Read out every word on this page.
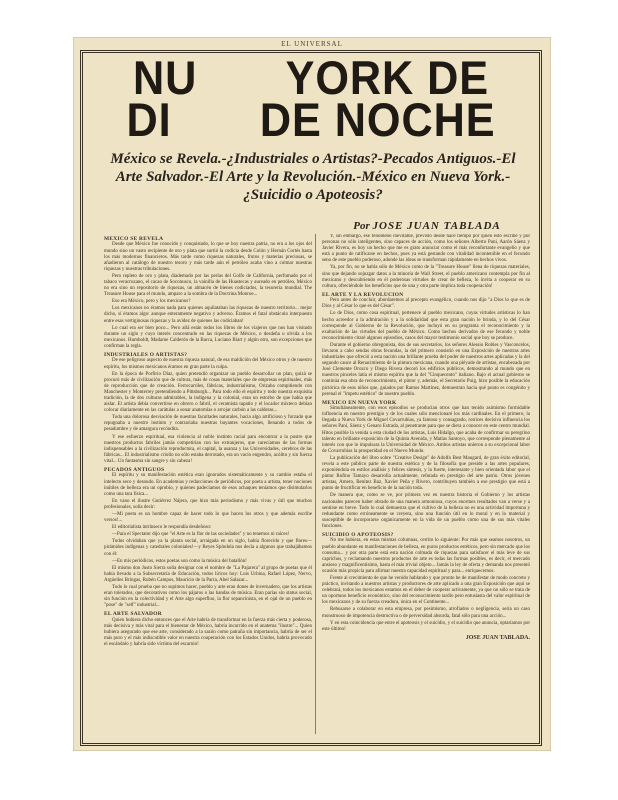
EL UNIVERSAL
NU YORK DE
DI DE NOCHE
México se Revela.-¿Industriales o Artistas?-Pecados Antiguos.-El Arte Salvador.-El Arte y la Revolución.-México en Nueva York.-¿Suicidio o Apoteosis?
Por JOSE JUAN TABLADA
MEXICO SE REVELA

Desde que México fue conocido y conquistado, lo que se hoy nuestra patria, no era a los ojos del mundo sino un vasto recipiente de oro y plata que surtió la codicia desde Colón y Hernán Cortés hasta los más modernos financieros. Más tarde como riquezas naturales, frutos y materias preciosas, se añadieron al catálogo de nuestro tesoro y más tarde aún el petróleo acaba vino a colmar nuestras riquezas y nuestras tribulaciones.

Pero repleto de oro y plata, diademado por las perlas del Golfo de California, perfumado por el tabaco veracruzano, el cacao de Soconusco, la vainilla de las Huastecas y aureado en petróleo, México no era sino un repositorio de riquezas, un almacén de bienes codiciados, la tesorería mundial. The Treasure House para el mundo, amparo a la sombra de la Doctrina Monroe...

Eso era México, pero y los mexicanos?

Los mexicanos no éramos nada para quienes aquilataban las riquezas de nuestro territorio... mejor dicho, sí éramos algo: aunque enteramente negativo y adverso. Éramos el fatal obstáculo interpuesto entre esas vertiginosas riquezas y la avidez de quienes las codiciaban!

Lo cual era ser bien poco... Pero allá están todos los libros de los viajeros que nos han visitado durante un siglo y cuyo interés concentrado en las riquezas de México, o desdeña u olvida a los mexicanos. Humboldt, Madame Calderón de la Barca, Luciano Biart y algún otro, son excepciones que confirman la regla.

INDUSTRIALES O ARTISTAS?

De ese peligroso aspecto de nuestra riqueza natural, de esa maldición del México otros y de nuestro espíritu, los mismos mexicanos éramos en gran parte la culpa.

En la época de Porfirio Díaz, quien pretendió organizar un pueblo desarrollar un plan, quizá se procuró más de civilización que de cultura, más de cosas materiales que de empresas espirituales, más de reproducción que de creación. Ferrocarriles, fábricas, industrialismo, Orizaba compitiendo con Manchester y Monterrey pretendiendo a Pittsburgh... Para todo ello el espíritu y todo nuestra exquisita tradición, la de dos culturas admirables, la indígena y la colonial, eran un estorbo de que había que aislar. El artista debía convertirse en obrero o fabril, el ceramista tapatío y el locador mixteco debían colocar diariamente en las carátulas a sonar anatomías o arrojar carbón a las calderas...

Toda una dolorosa desviación de nuestras facultades naturales, hacia algo artificioso y forzado que repugnaba a nuestro instinto y contrariaba nuestras bayantes vocaciones, llenando a todos de pesadumbre y de amargura recóndita.

Y ese esfuerzo espiritual, esa violencia al noble instinto racial para encontrar a la postre que nuestros productos fabriles jamás competirían con los extranjeros, que carecíamos de las formas indispensables a la civilización reproductora, el capital, la usanza y las Universidades, cerebros de las fábricas... El industrialismo criollo no sólo estaba derrotado, era un vacío engendro, acólito y sin fuerza vital... Un fantasma sin sangre y sin cabeza!

PECADOS ANTIGUOS

El espíritu y su manifestación estética eran ignorados sistemáticamente y su cambio estaba el intelecto seco y desnudo. En academias y redacciones de periódicos, por poeta a artista, tener nociones inútiles de belleza era un oprobio, y quienes padecíamos de esos achaques teníamos que disimularlos como una tara física...

En vano el ilustre Gutiérrez Nájera, que hizo más periodismo y más vivas y útil que muchos profesionales, solía decir:

—Mi poeta es un hombre capaz de hacer todo lo que hacen los otros y que además escribe versos!...

El editorialista intrínseco le respondía desdeñoso:

—Para el Spectator dijo que "el Arte es la flor de las sociedades" y no tenemos ni raíces!

Todos olvidaban que ya la planta social, arraigada en un siglo, había florecido y que flores—pirámides indígenas y catedrales coloniales!—y Reyes Spíndola nos decía a algunos que trabajábamos con él:

—En mis periódicos, estos poetas son como la música del batallón!

El mismo don Justo Sierra solía designar con el nombre de "La Pajarera" al grupo de poetas que él había llevado a la Subsecretaría de Educación, todos líricos hoy: Luis Urbina, Rafael López, Nervo, Argüelles Bringas, Rubén Campos, Mauricio de la Parra, Abel Salazar...

Todo lo cual prueba que no supimos hacer, pueblo y arte eran dones de invernadero, que los artistas eran tolerados, que decorativos como los pájaros o las bandas de música. Eran parias sin status social, sin función en la colectividad y el Arte algo superfluo, la flor sepancinista, en el ojal de un pueblo en "pose" de "self" industrial...

EL ARTE SALVADOR

Quien hubiera dicho entonces que el Arte habría de transformar en la fuerza más cierta y poderosa, más decisiva y más vital para el bienestar de México, habría incurrido en el anatema "ilustre"... Quien hubiera asegurado que ese arte, considerado a la sazón como patraña sin importancia, habría de ser el más puro y el más indiscutible valor en nuestra cooperación con los Estados Unidos, habría provocado el escándalo y habría sido víctima del escarnio!

Y, sin embargo, ese fenómeno inevitable, previsto desde hace tiempo por quien esto escribe y por personas no sólo inteligentes, sino capaces de acción, como los señores Alberto Pani, Aarón Sáenz y Javier Rivera, es hoy un hecho que me es grato anunciar como el más reconfortante evangelio y que está a punto de ratificarse en hechos, pues ya está gestando con vitalidad incontenible en el fecundo seno de este pueblo poderoso, adonde las ideas se transforman rápidamente en hechos vivos.

Ya, por fin, no se habla sólo de México como de la "Treasure House" llena de riquezas materiales, sino que dejando sojuzgar datos a la minoría de Wall Street, el pueblo americano contempla por fin al mexicano y descubriendo en él poderosas virtudes de crear de belleza, lo invita a cooperar en su cultura, ofreciéndole los beneficios que de una y otra parte implica toda cooperación!

EL ARTE Y LA REVOLUCION

Pero antes de concluir, abordaremos al precepto evangélico, cuando nos dijo "a Dios lo que es de Dios y al César lo que es del César".

Lo de Dios, como cosa espiritual, pertenece al pueblo mexicano, cuyas virtudes artísticas lo han hecho acreedor a la admiración y a la solidaridad que esta gran nación le brinda, y lo del César corresponde al Gobierno de la Revolución, que incluyó en su programa el reconocimiento y la exaltación de las virtudes del pueblo de México. Como hechos derivados de ese fecundo y noble reconocimiento citaré algunos episodios, casos del mayor testimonio social que hoy se produce.

Durante el gobierno obregonista, dos de sus secretarios, los señores Alessio Robles y Vasconcelos, llevaron a cabo sendas obras fecundas, la del primero consistió en una Exposición de nuestras artes industriales que ofreció a esta nación una brillante prueba del poder de nuestros artes aplicadas y la del segundo cauce al Renacimiento de la pintura mexicana, cuando una pléyade de artistas, encabezada por José Clemente Orozco y Diego Rivera decoró los edificios públicos, demostrando al mundo que en nuestros pinceles latía el mismo espíritu que la del "Cinquecento" italiano. Bajo el actual gobierno se continúa esa obra de reconocimiento, el pintor y, además, el Secretario Puig, hizo posible la educación pictórica de esos niños que, guiados por Ramos Martínez, demuestran hacia qué punto es congénito y perenal el "ímpetu estético" de nuestro pueblo.

MEXICO EN NUEVA YORK

Simultáneamente, con esos episodios se producían otros que han tenido asimismo formidable influencia en nuestro prestigio y de los cuales sólo mencionaré los más cardinales. En el primero, la llegada a Nueva York de Miguel Covarrubias, ya famoso y consagrado, rotrices decisiva influencia los señores Pani, Sáenz y Genaro Estrada, al penetrante para que se diera a conocer en este centro mundial. Hitos posible la venida a esta ciudad de los artistas, Luis Hidalgo, que acaba de confirmar su peregrino talento en brillante exposición de la Quinta Avenida, y Matías Santoyo, que corresponde plenamente al interés con que lo impulsara la Universidad de México. Ambos artistas unieron a su excepcional labor de Covarrubias la prosperidad en el Nuevo Mundo.

La publicación del libro sobre "Creative Design" de Adolfo Best Maugard, de gran éxito editorial, revela a este público parte de nuestra estética y de la filosofía que preside a las artes populares, exponiéndola en estilos análisis y felices síntesis, y la fuerte, interesante y bien orientada labor que el pintor Rufino Tamayo desarrolla actualmente, refutada en prestigio del arte patrio. Otros jóvenes artistas, Amero, Benitez Baz, Xavier Peña y Rivero, contribuyen también a ese prestigio que está a punto de fructificar en beneficio de la nación toda.

De manera que, como se ve, por primera vez en nuestra historia el Gobierno y los artistas nacionales parecen haber obrado de una manera armoniosa, cuyos enormes resultados van a verse y a sentirse en breve. Todo lo cual demuestra que el cultivo de la belleza no es una actividad importuna y redundante como erróneamente se creyera, sino una función útil en lo moral y en lo material y susceptible de incorporarse orgánicamente en la vida de un pueblo como una de sus más vitales funciones.

SUICIDIO O APOTEOSIS?

No me hubiera, en estas mismas columnas, cerrito lo siguiente: Por más que seamos nosotros, un pueblo abundante en manifestaciones de belleza, en puros productos estéticos, pero sin mercado que los consuma... y por otra parte está esta nación colmada de riquezas para satisfacer el más leve de sus caprichos, y reclamando nuestros productos de arte es todas las formas posibles, es decir, el mercado ansioso y magnificentísimo, hasta el más trivial objeto... Jamás la ley de oferta y demanda nos presentó ocasión más propicia para afirmar nuestra capacidad espiritual y para... enriquecernos.

Frente al crecimiento de que he venido hablando y que pronto he de manifestar de modo concreto y práctico, invitando a nuestros artistas y productores de arte aplicado a una gran Exposición que aquí se celebrará, todos los mexicanos estamos en el deber de cooperar activamente, ya que no sólo se trata de un oportuno beneficio económico, sino del reconocimiento tardío pero entusiasta del valor espiritual de los mexicanos y de su fuerza creadora, única en el Continente...

Rehusarse a colaborar en esta empresa, por pesimismo, atrofiados o negligencia, sería un caso monstruoso de impotencia destructiva o de perversidad absurda, fatal sólo para una acción...

Y en esta coincidencia que entre el apoteosis y el suicidio, y el suicidio que anuncia, optaríamos por este último!

JOSE JUAN TABLADA.
